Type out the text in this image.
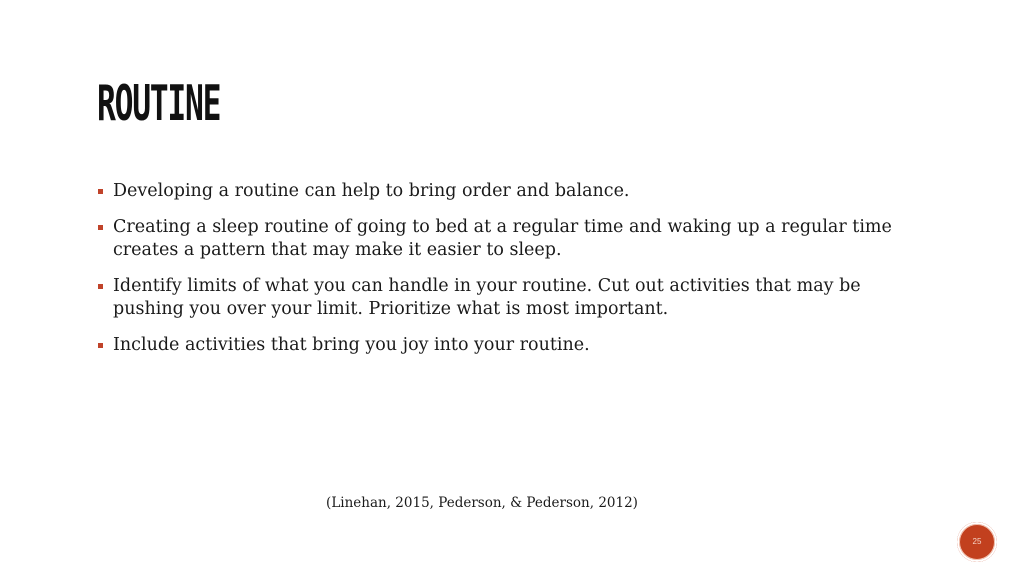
ROUTINE
Developing a routine can help to bring order and balance.
Creating a sleep routine of going to bed at a regular time and waking up a regular time creates a pattern that may make it easier to sleep.
Identify limits of what you can handle in your routine. Cut out activities that may be pushing you over your limit. Prioritize what is most important.
Include activities that bring you joy into your routine.
(Linehan, 2015, Pederson, & Pederson, 2012)
25
